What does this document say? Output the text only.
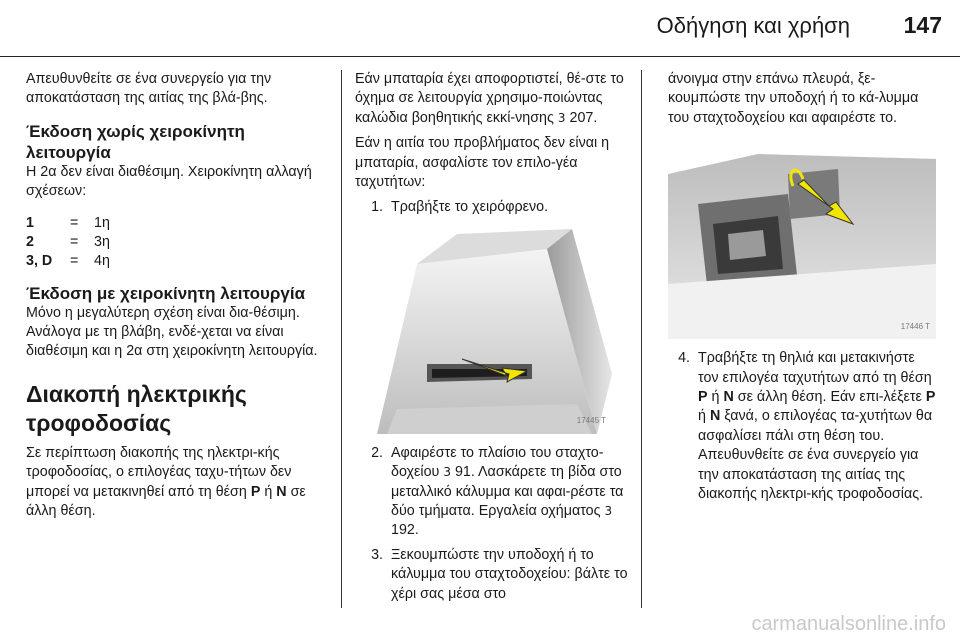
Οδήγηση και χρήση 147

Απευθυνθείτε σε ένα συνεργείο για την αποκατάσταση της αιτίας της βλά-βης.

Έκδοση χωρίς χειροκίνητη λειτουργία

Η 2α δεν είναι διαθέσιμη. Χειροκίνητη αλλαγή σχέσεων:

1	=	1η
2	=	3η
3, D	=	4η
Έκδοση με χειροκίνητη λειτουργία

Μόνο η μεγαλύτερη σχέση είναι δια-θέσιμη. Ανάλογα με τη βλάβη, ενδέ-χεται να είναι διαθέσιμη και η 2α στη χειροκίνητη λειτουργία.

Διακοπή ηλεκτρικής τροφοδοσίας

Σε περίπτωση διακοπής της ηλεκτρι-κής τροφοδοσίας, ο επιλογέας ταχυ-τήτων δεν μπορεί να μετακινηθεί από τη θέση P ή N σε άλλη θέση.

Εάν μπαταρία έχει αποφορτιστεί, θέ-στε το όχημα σε λειτουργία χρησιμο-ποιώντας καλώδια βοηθητικής εκκί-νησης 3 207.

Εάν η αιτία του προβλήματος δεν είναι η μπαταρία, ασφαλίστε τον επιλο-γέα ταχυτήτων:

1. Τραβήξτε το χειρόφρενο.
17445 T
2. Αφαιρέστε το πλαίσιο του σταχτο-δοχείου 3 91. Λασκάρετε τη βίδα στο μεταλλικό κάλυμμα και αφαι-ρέστε τα δύο τμήματα. Εργαλεία οχήματος 3 192.
3. Ξεκουμπώστε την υποδοχή ή το κάλυμμα του σταχτοδοχείου: βάλτε το χέρι σας μέσα στο

άνοιγμα στην επάνω πλευρά, ξε-κουμπώστε την υποδοχή ή το κά-λυμμα του σταχτοδοχείου και αφαιρέστε το.

17446 T
4. Τραβήξτε τη θηλιά και μετακινήστε τον επιλογέα ταχυτήτων από τη θέση P ή N σε άλλη θέση. Εάν επι-λέξετε P ή N ξανά, ο επιλογέας τα-χυτήτων θα ασφαλίσει πάλι στη θέση του. Απευθυνθείτε σε ένα συνεργείο για την αποκατάσταση της αιτίας της διακοπής ηλεκτρι-κής τροφοδοσίας.
carmanualsonline.info
